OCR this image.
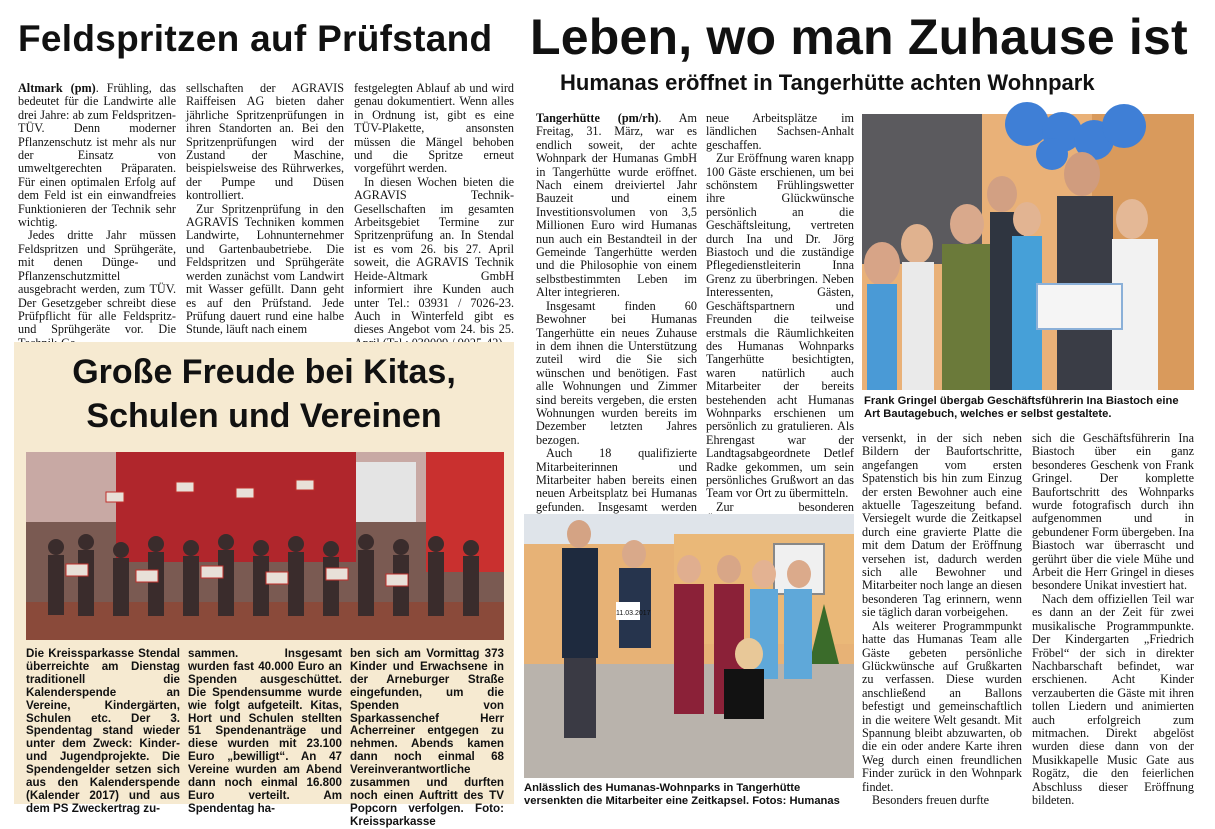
Feldspritzen auf Prüfstand

Altmark (pm). Frühling, das bedeutet für die Landwirte alle drei Jahre: ab zum Feldspritzen-TÜV. Denn moderner Pflanzenschutz ist mehr als nur der Einsatz von umweltgerechten Präparaten. Für einen optimalen Erfolg auf dem Feld ist ein einwandfreies Funktionieren der Technik sehr wichtig.

Jedes dritte Jahr müssen Feldspritzen und Sprühgeräte, mit denen Dünge- und Pflanzenschutzmittel ausgebracht werden, zum TÜV. Der Gesetzgeber schreibt diese Prüfpflicht für alle Feldspritz- und Sprühgeräte vor. Die

sellschaften der AGRAVIS Raiffeisen AG bieten daher jährliche Spritzenprüfungen in ihren Standorten an. Bei den Spritzenprüfungen wird der Zustand der Maschine, beispielsweise des Rührwerkes, der Pumpe und Düsen kontrolliert.

Zur Spritzenprüfung in den AGRAVIS Techniken kommen Landwirte, Lohnunternehmer und Gartenbaubetriebe. Die Feldspritzen und Sprühgeräte werden zunächst vom Landwirt mit Wasser gefüllt. Dann geht es auf den Prüfstand. Jede Prüfung dauert rund eine halbe Stunde, läuft nach einem

festgelegten Ablauf ab und wird genau dokumentiert. Wenn alles in Ordnung ist, gibt es eine TÜV-Plakette, ansonsten müssen die Mängel behoben und die Spritze erneut vorgeführt werden.

In diesen Wochen bieten die AGRAVIS Technik-Gesellschaften im gesamten Arbeitsgebiet Termine zur Spritzenprüfung an. In Stendal ist es vom 26. bis 27. April soweit, die AGRAVIS Technik Heide-Altmark GmbH informiert ihre Kunden auch unter Tel.: 03931 / 7026-23. Auch in Winterfeld gibt es dieses Angebot vom 24. bis 25.

Große Freude bei Kitas,
Schulen und Vereinen

Die Kreissparkasse Stendal überreichte am Dienstag traditionell die Kalenderspende an Vereine, Kindergärten, Schulen etc. Der 3. Spendentag stand wieder unter dem Zweck: Kinder- und Jugendprojekte. Die Spendengelder setzen sich aus den Kalenderspende (Kalender 2017) und aus dem PS Zweckertrag zu-

sammen. Insgesamt wurden fast 40.000 Euro an Spenden ausgeschüttet. Die Spendensumme wurde wie folgt aufgeteilt. Kitas, Hort und Schulen stellten 51 Spendenanträge und diese wurden mit 23.100 Euro „bewilligt“. An 47 Vereine wurden am Abend dann noch einmal 16.800 Euro verteilt. Am Spendentag ha-

ben sich am Vormittag 373 Kinder und Erwachsene in der Arneburger Straße eingefunden, um die Spenden von Sparkassenchef Herr Acherreiner entgegen zu nehmen. Abends kamen dann noch einmal 68 Vereinverantwortliche zusammen und durften noch einen Auftritt des TV Popcorn verfolgen. Foto: Kreissparkasse

Leben, wo man Zuhause ist
Humanas eröffnet in Tangerhütte achten Wohnpark

Tangerhütte (pm/rh). Am Freitag, 31. März, war es endlich soweit, der achte Wohnpark der Humanas GmbH in Tangerhütte wurde eröffnet. Nach einem dreiviertel Jahr Bauzeit und einem Investitionsvolumen von 3,5 Millionen Euro wird Humanas nun auch ein Bestandteil in der Gemeinde Tangerhütte werden und die Philosophie von einem selbstbestimmten Leben im Alter integrieren.

Insgesamt finden 60 Bewohner bei Humanas Tangerhütte ein neues Zuhause in dem ihnen die Unterstützung zuteil wird die Sie sich wünschen und benötigen. Fast alle Wohnungen und Zimmer sind bereits vergeben, die ersten Wohnungen wurden bereits im Dezember letzten Jahres bezogen.

Auch 18 qualifizierte Mitarbeiterinnen und Mitarbeiter haben bereits einen neuen Arbeitsplatz bei Humanas gefunden. Insgesamt werden

neue Arbeitsplätze im ländlichen Sachsen-Anhalt geschaffen.

Zur Eröffnung waren knapp 100 Gäste erschienen, um bei schönstem Frühlingswetter ihre Glückwünsche persönlich an die Geschäftsleitung, vertreten durch Ina und Dr. Jörg Biastoch und die zuständige Pflegedienstleiterin Inna Grenz zu überbringen. Neben Interessenten, Gästen, Geschäftspartnern und Freunden die teilweise erstmals die Räumlichkeiten des Humanas Wohnparks Tangerhütte besichtigten, waren natürlich auch Mitarbeiter der bereits bestehenden acht Humanas Wohnparks erschienen um persönlich zu gratulieren. Als Ehrengast war der Landtagsabgeordnete Detlef Radke gekommen, um sein persönliches Grußwort an das Team vor Ort zu übermitteln.

Zur besonderen

Frank Gringel übergab Geschäftsführerin Ina Biastoch eine Art Bautagebuch, welches er selbst gestaltete.

versenkt, in der sich neben Bildern der Baufortschritte, angefangen vom ersten Spatenstich bis hin zum Einzug der ersten Bewohner auch eine aktuelle Tageszeitung befand. Versiegelt wurde die Zeitkapsel durch eine gravierte Platte die mit dem Datum der Eröffnung versehen ist, dadurch werden sich alle Bewohner und Mitarbeiter noch lange an diesen besonderen Tag erinnern, wenn sie täglich daran vorbeigehen.

Als weiterer Programmpunkt hatte das Humanas Team alle Gäste gebeten persönliche Glückwünsche auf Grußkarten zu verfassen. Diese wurden anschließend an Ballons befestigt und gemeinschaftlich in die weitere Welt gesandt. Mit Spannung bleibt abzuwarten, ob die ein oder andere Karte ihren Weg durch einen freundlichen Finder zurück in den Wohnpark findet.

Besonders freuen durfte

sich die Geschäftsführerin Ina Biastoch über ein ganz besonderes Geschenk von Frank Gringel. Der komplette Baufortschritt des Wohnparks wurde fotografisch durch ihn aufgenommen und in gebundener Form übergeben. Ina Biastoch war überrascht und gerührt über die viele Mühe und Arbeit die Herr Gringel in dieses besondere Unikat investiert hat.

Nach dem offiziellen Teil war es dann an der Zeit für zwei musikalische Programmpunkte. Der Kindergarten „Friedrich Fröbel“ der sich in direkter Nachbarschaft befindet, war erschienen. Acht Kinder verzauberten die Gäste mit ihren tollen Liedern und animierten auch erfolgreich zum mitmachen. Direkt abgelöst wurden diese dann von der Musikkapelle Music Gate aus Rogätz, die den feierlichen Abschluss dieser Eröffnung bildeten.

11.03.2017
Anlässlich des Humanas-Wohnparks in Tangerhütte versenkten die Mitarbeiter eine Zeitkapsel. Fotos: Humanas
